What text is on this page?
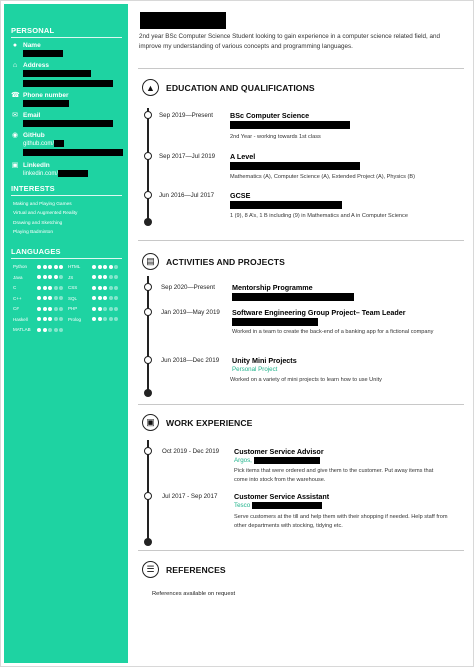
PERSONAL
● Name
⌂ Address
☎ Phone number
✉ Email
◉ GitHub
github.com/
▣ LinkedIn
linkedin.com/
INTERESTS
Making and Playing Games
Virtual and Augmented Reality
Drawing and Sketching
Playing Badminton
LANGUAGES
Python	HTML
Java	JS
C	CSS
C++	SQL
C#	PHP
Haskell	Prolog
MATLAB
2nd year BSc Computer Science Student looking to gain experience in a computer science related field, and improve my understanding of various concepts and programming languages.
▲	EDUCATION AND QUALIFICATIONS
Sep 2019—Present BSc Computer Science
2nd Year - working towards 1st class
Sep 2017—Jul 2019 A Level
Mathematics (A), Computer Science (A), Extended Project (A), Physics (B)
Jun 2016—Jul 2017 GCSE
1 (9), 8 A’s, 1 B including (9) in Mathematics and A in Computer Science
▤	ACTIVITIES AND PROJECTS
Sep 2020—Present Mentorship Programme
Jan 2019—May 2019 Software Engineering Group Project– Team Leader
Worked in a team to create the back-end of a banking app for a fictional company
Jun 2018—Dec 2019 Unity Mini Projects
Personal Project
Worked on a variety of mini projects to learn how to use Unity
▣	WORK EXPERIENCE
Oct 2019 - Dec 2019 Customer Service Advisor
Argos,
Pick items that were ordered and give them to the customer. Put away items that come into stock from the warehouse.
Jul 2017 - Sep 2017 Customer Service Assistant
Tesco
Serve customers at the till and help them with their shopping if needed. Help staff from other departments with stocking, tidying etc.
☰	REFERENCES
References available on request
